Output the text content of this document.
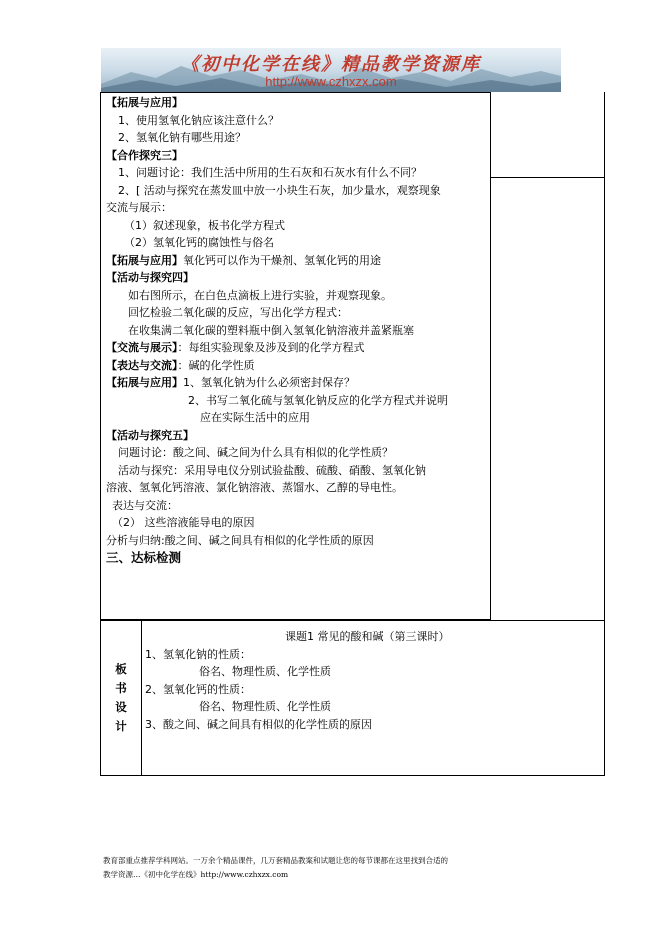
《初中化学在线》精品教学资源库
http://www.czhxzx.com
【拓展与应用】
1、使用氢氧化钠应该注意什么？
2、氢氧化钠有哪些用途？
【合作探究三】
1、问题讨论：我们生活中所用的生石灰和石灰水有什么不同？
2、[ 活动与探究在蒸发皿中放一小块生石灰，加少量水，观察现象
交流与展示：
（1）叙述现象，板书化学方程式
（2）氢氧化钙的腐蚀性与俗名
【拓展与应用】氧化钙可以作为干燥剂、氢氧化钙的用途
【活动与探究四】
如右图所示，在白色点滴板上进行实验，并观察现象。
回忆检验二氧化碳的反应，写出化学方程式：
在收集满二氧化碳的塑料瓶中倒入氢氧化钠溶液并盖紧瓶塞
【交流与展示】：每组实验现象及涉及到的化学方程式
【表达与交流】：碱的化学性质
【拓展与应用】1、氢氧化钠为什么必须密封保存？
2、书写二氧化硫与氢氧化钠反应的化学方程式并说明
应在实际生活中的应用
【活动与探究五】
问题讨论：酸之间、碱之间为什么具有相似的化学性质？
活动与探究：采用导电仪分别试验盐酸、硫酸、硝酸、氢氧化钠
溶液、氢氧化钙溶液、氯化钠溶液、蒸馏水、乙醇的导电性。
表达与交流：
（2） 这些溶液能导电的原因
分析与归纳:酸之间、碱之间具有相似的化学性质的原因
三、达标检测
板
书
设
计
课题1 常见的酸和碱（第三课时）
1、氢氧化钠的性质：
俗名、物理性质、化学性质
2、氢氧化钙的性质：
俗名、物理性质、化学性质
3、酸之间、碱之间具有相似的化学性质的原因
教育部重点推荐学科网站。一万余个精品课件，几万套精品教案和试题让您的每节课都在这里找到合适的
教学资源…《初中化学在线》http://www.czhxzx.com
